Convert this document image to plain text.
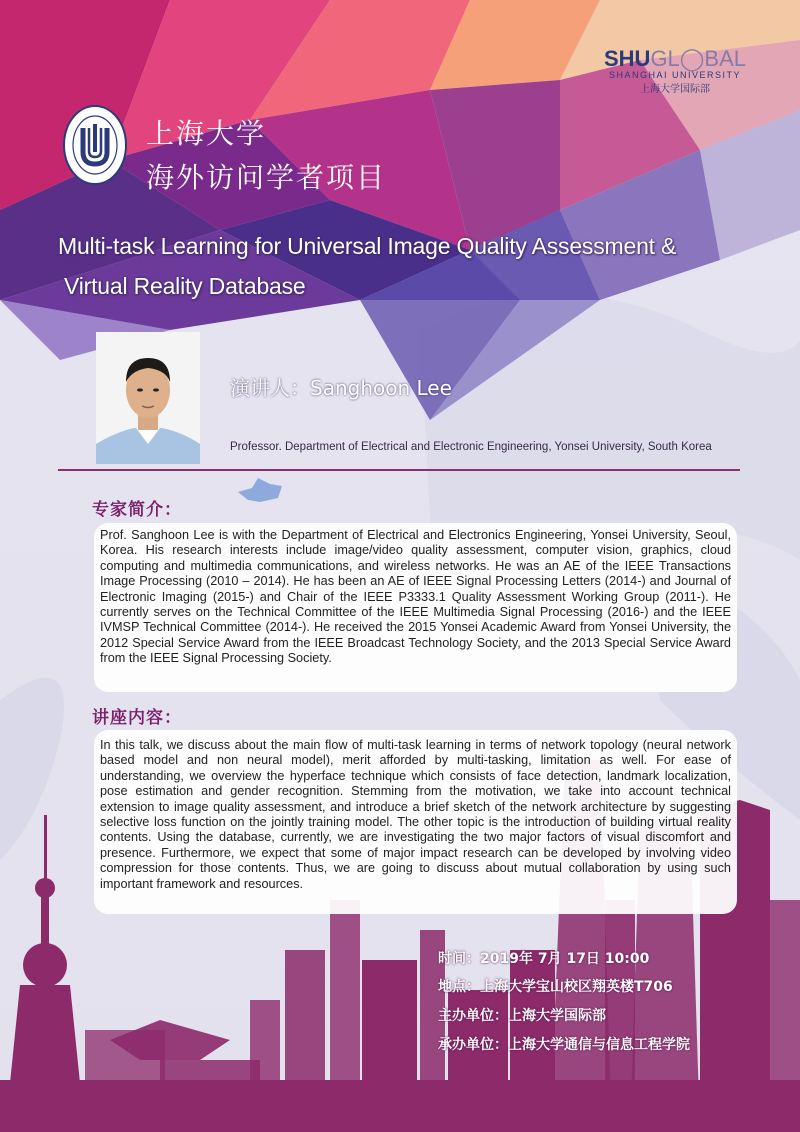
上海大学
海外访问学者项目
SHUGL◯BAL
SHANGHAI UNIVERSITY
上海大学国际部
Multi-task Learning for Universal Image Quality Assessment &
Virtual Reality Database
演讲人：Sanghoon Lee
Professor. Department of Electrical and Electronic Engineering, Yonsei University, South Korea
专家简介：
Prof. Sanghoon Lee is with the Department of Electrical and Electronics Engineering, Yonsei University, Seoul, Korea. His research interests include image/video quality assessment, computer vision, graphics, cloud computing and multimedia communications, and wireless networks. He was an AE of the IEEE Transactions Image Processing (2010 – 2014). He has been an AE of IEEE Signal Processing Letters (2014-) and Journal of Electronic Imaging (2015-) and Chair of the IEEE P3333.1 Quality Assessment Working Group (2011-). He currently serves on the Technical Committee of the IEEE Multimedia Signal Processing (2016-) and the IEEE IVMSP Technical Committee (2014-). He received the 2015 Yonsei Academic Award from Yonsei University, the 2012 Special Service Award from the IEEE Broadcast Technology Society, and the 2013 Special Service Award from the IEEE Signal Processing Society.
讲座内容：
In this talk, we discuss about the main flow of multi-task learning in terms of network topology (neural network based model and non neural model), merit afforded by multi-tasking, limitation as well. For ease of understanding, we overview the hyperface technique which consists of face detection, landmark localization, pose estimation and gender recognition. Stemming from the motivation, we take into account technical extension to image quality assessment, and introduce a brief sketch of the network architecture by suggesting selective loss function on the jointly training model. The other topic is the introduction of building virtual reality contents. Using the database, currently, we are investigating the two major factors of visual discomfort and presence. Furthermore, we expect that some of major impact research can be developed by involving video compression for those contents. Thus, we are going to discuss about mutual collaboration by using such important framework and resources.
时间：2019年 7月 17日 10:00
地点：上海大学宝山校区翔英楼T706
主办单位：上海大学国际部
承办单位：上海大学通信与信息工程学院
